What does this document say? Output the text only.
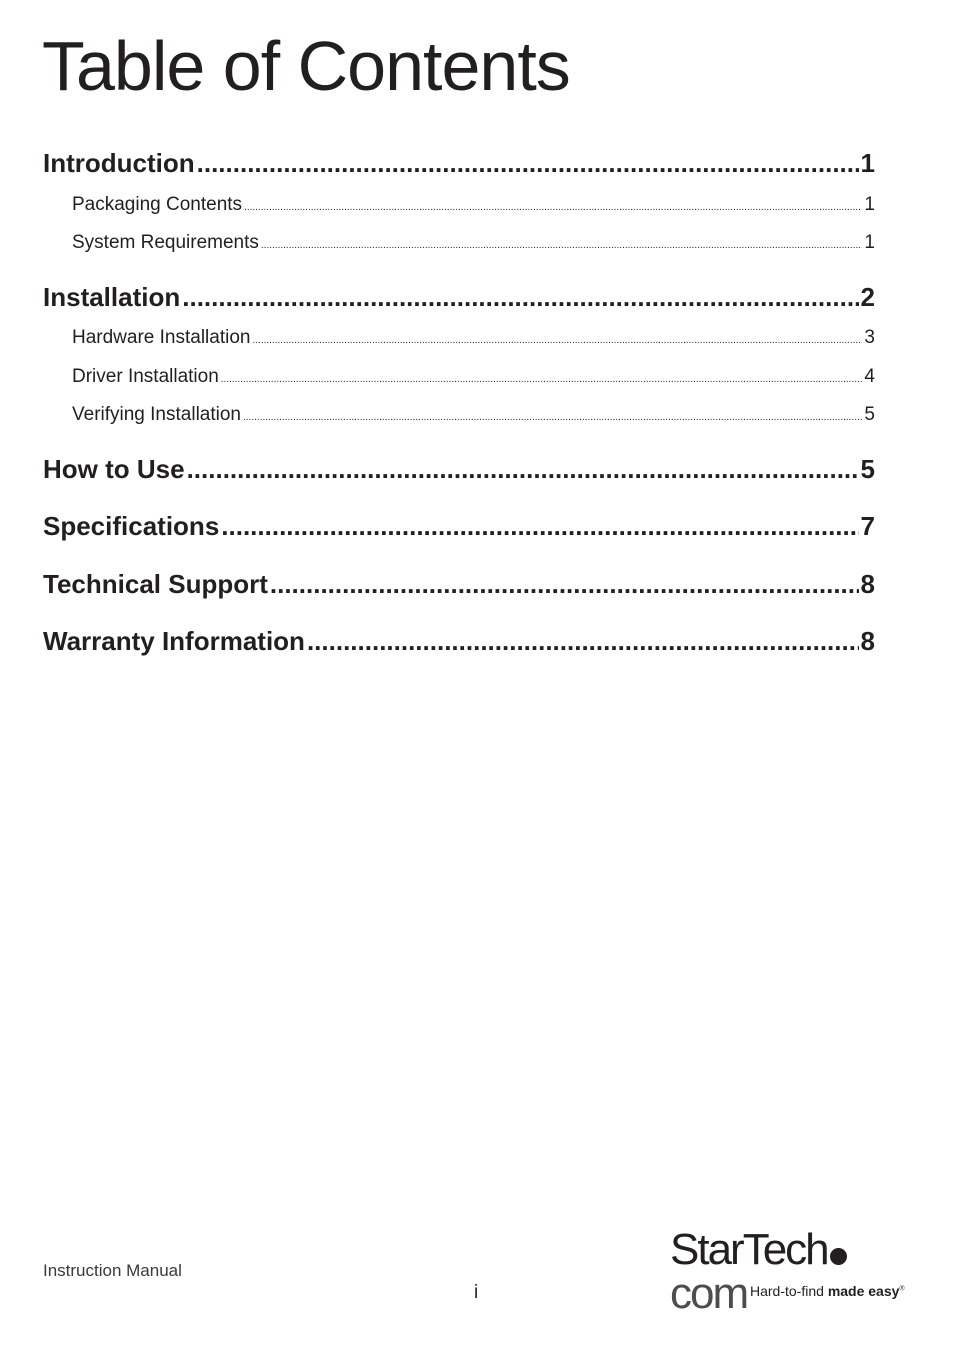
Table of Contents
Introduction .....	1
Packaging Contents .....	1
System Requirements .....	1
Installation .....	2
Hardware Installation .....	3
Driver Installation .....	4
Verifying Installation .....	5
How to Use .....	5
Specifications .....	7
Technical Support .....	8
Warranty Information .....	8
Instruction Manual
i
StarTechcom Hard-to-find made easy®
